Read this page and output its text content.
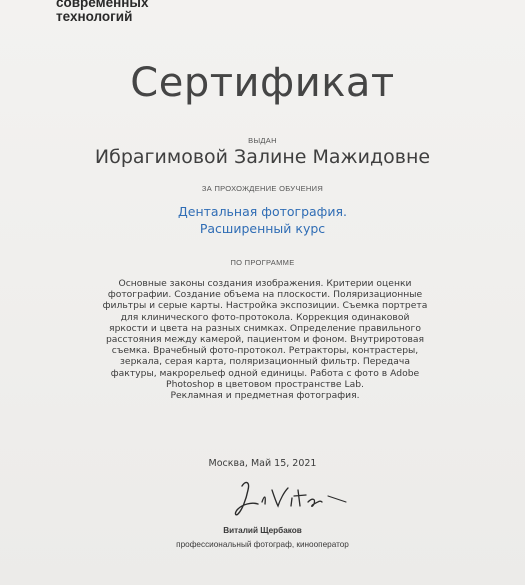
современных
технологий
Сертификат
ВЫДАН
Ибрагимовой Залине Мажидовне
ЗА ПРОХОЖДЕНИЕ ОБУЧЕНИЯ
Дентальная фотография.
Расширенный курс
ПО ПРОГРАММЕ
Основные законы создания изображения. Критерии оценки
фотографии. Создание объема на плоскости. Поляризационные
фильтры и серые карты. Настройка экспозиции. Съемка портрета
для клинического фото-протокола. Коррекция одинаковой
яркости и цвета на разных снимках. Определение правильного
расстояния между камерой, пациентом и фоном. Внутриротовая
съемка. Врачебный фото-протокол. Ретракторы, контрастеры,
зеркала, серая карта, поляризационный фильтр. Передача
фактуры, макрорельеф одной единицы. Работа с фото в Adobe
Photoshop в цветовом пространстве Lab.
Рекламная и предметная фотография.
Москва, Май 15, 2021
Виталий Щербаков
профессиональный фотограф, кинооператор
